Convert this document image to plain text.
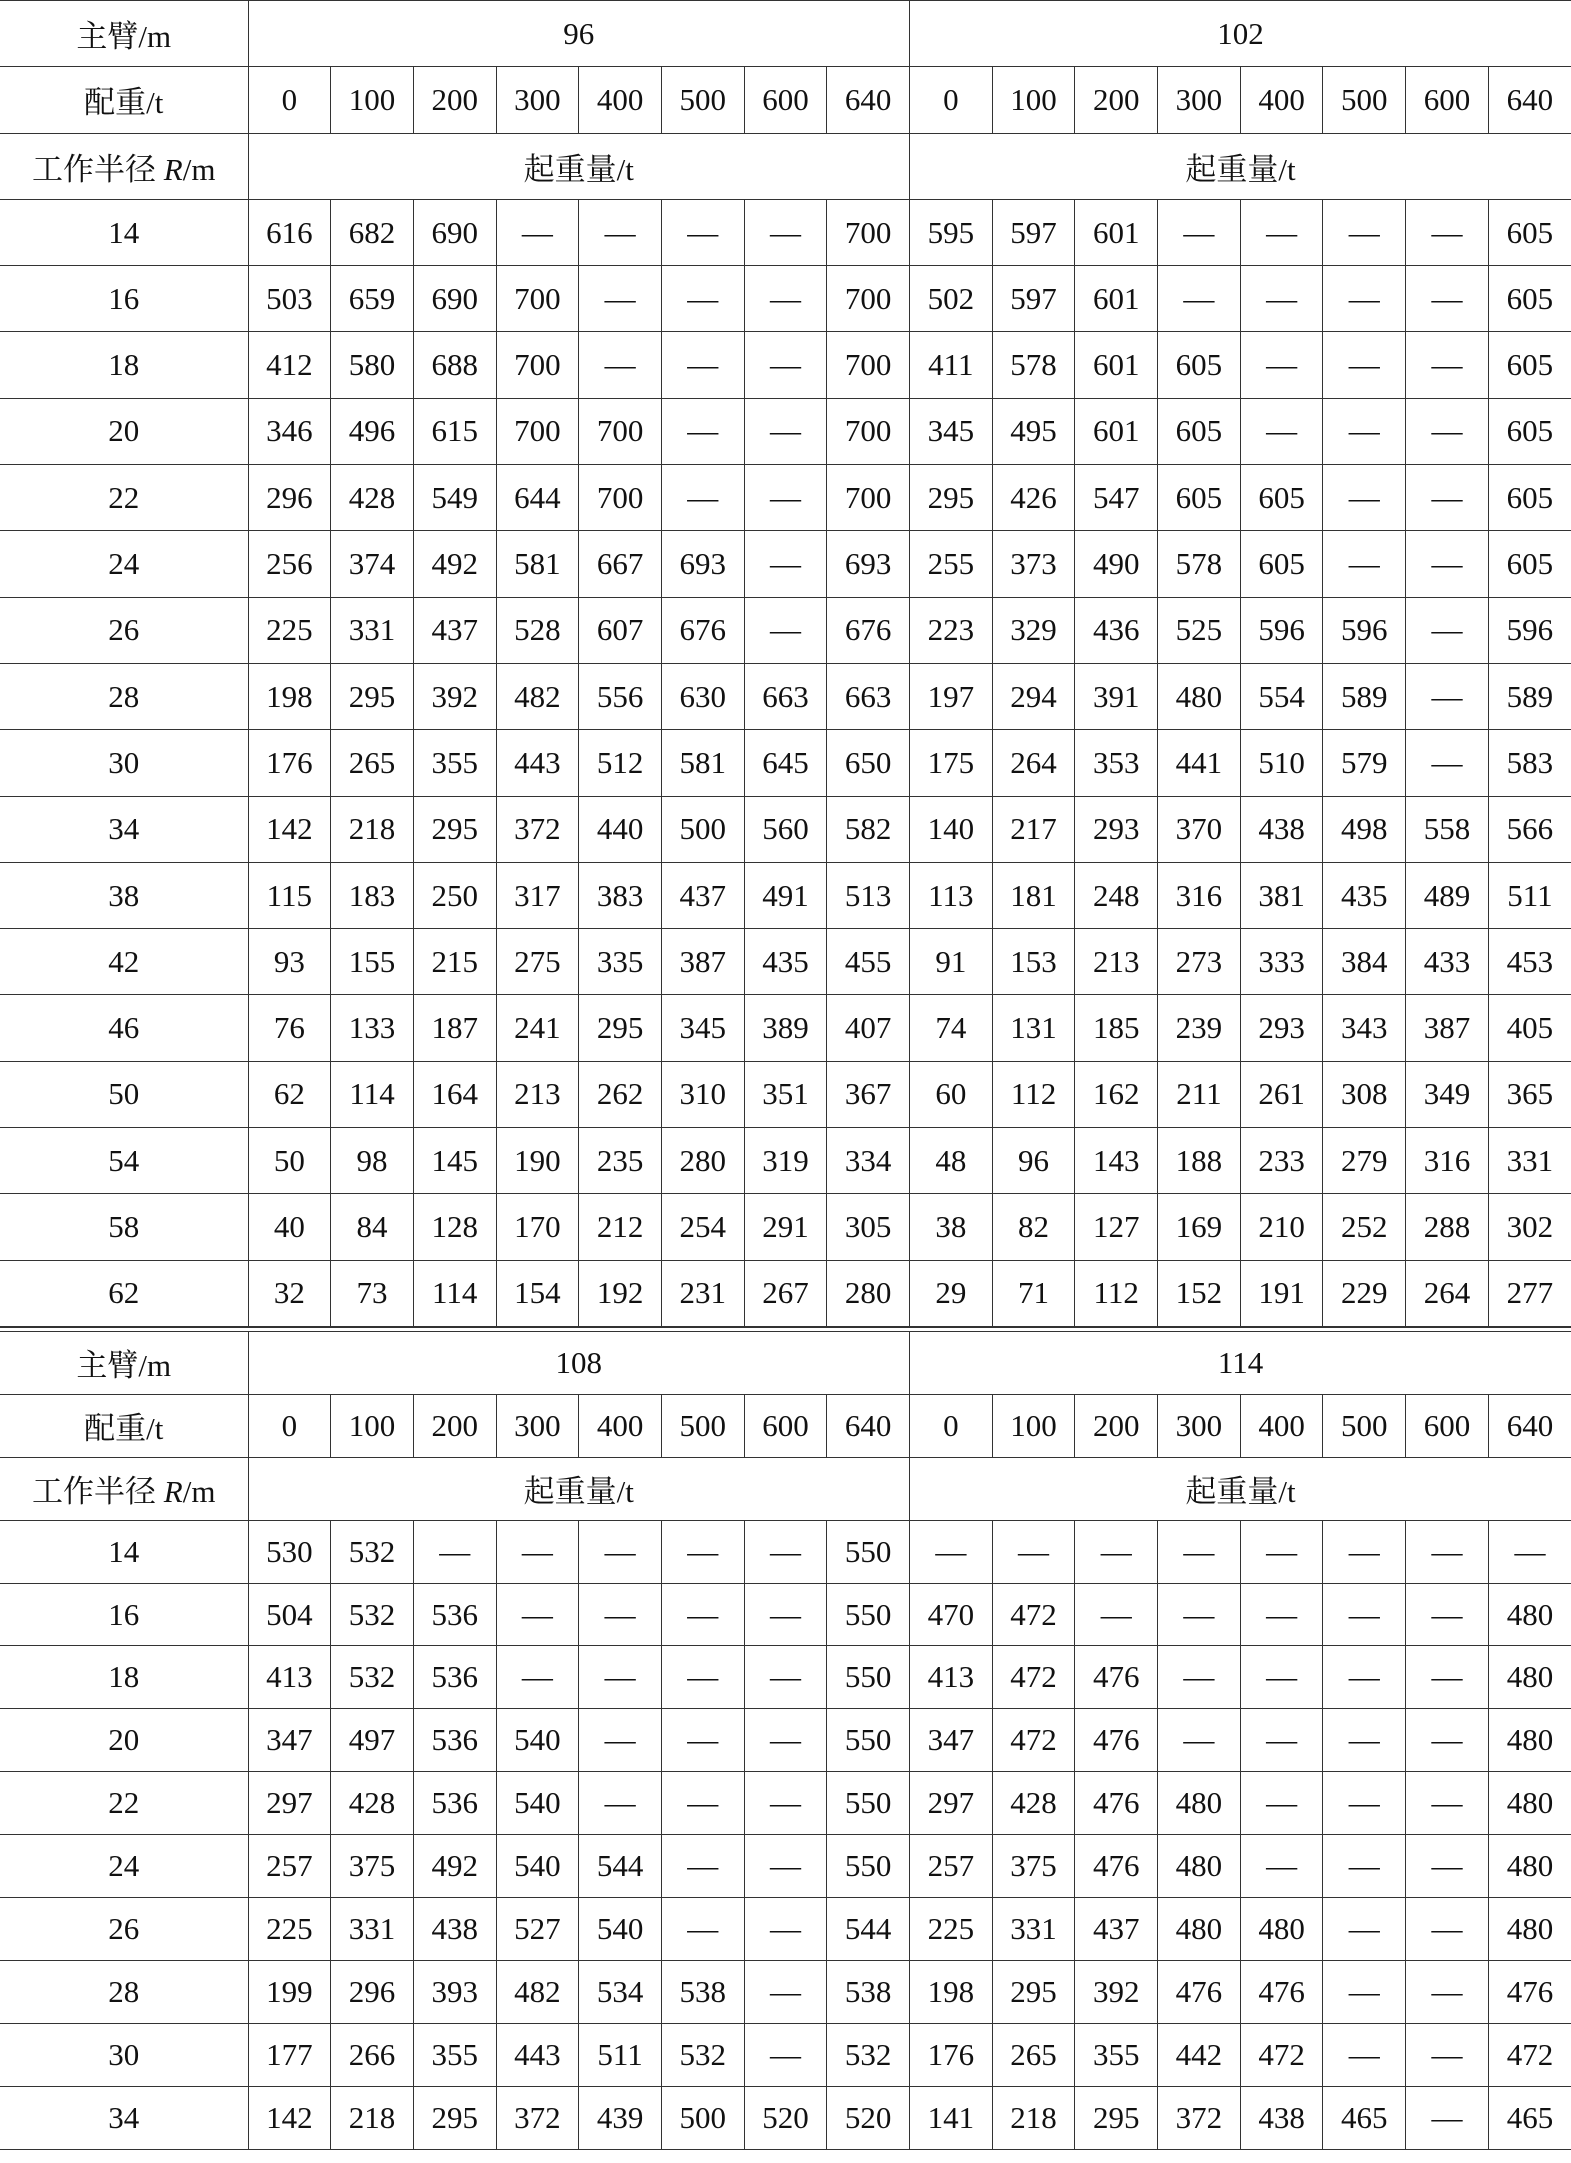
主臂/m	96								102							
配重/t	0	100	200	300	400	500	600	640	0	100	200	300	400	500	600	640
工作半径 R/m	起重量/t								起重量/t							
14	616	682	690	—	—	—	—	700	595	597	601	—	—	—	—	605
16	503	659	690	700	—	—	—	700	502	597	601	—	—	—	—	605
18	412	580	688	700	—	—	—	700	411	578	601	605	—	—	—	605
20	346	496	615	700	700	—	—	700	345	495	601	605	—	—	—	605
22	296	428	549	644	700	—	—	700	295	426	547	605	605	—	—	605
24	256	374	492	581	667	693	—	693	255	373	490	578	605	—	—	605
26	225	331	437	528	607	676	—	676	223	329	436	525	596	596	—	596
28	198	295	392	482	556	630	663	663	197	294	391	480	554	589	—	589
30	176	265	355	443	512	581	645	650	175	264	353	441	510	579	—	583
34	142	218	295	372	440	500	560	582	140	217	293	370	438	498	558	566
38	115	183	250	317	383	437	491	513	113	181	248	316	381	435	489	511
42	93	155	215	275	335	387	435	455	91	153	213	273	333	384	433	453
46	76	133	187	241	295	345	389	407	74	131	185	239	293	343	387	405
50	62	114	164	213	262	310	351	367	60	112	162	211	261	308	349	365
54	50	98	145	190	235	280	319	334	48	96	143	188	233	279	316	331
58	40	84	128	170	212	254	291	305	38	82	127	169	210	252	288	302
62	32	73	114	154	192	231	267	280	29	71	112	152	191	229	264	277
主臂/m	108								114							
配重/t	0	100	200	300	400	500	600	640	0	100	200	300	400	500	600	640
工作半径 R/m	起重量/t								起重量/t							
14	530	532	—	—	—	—	—	550	—	—	—	—	—	—	—	—
16	504	532	536	—	—	—	—	550	470	472	—	—	—	—	—	480
18	413	532	536	—	—	—	—	550	413	472	476	—	—	—	—	480
20	347	497	536	540	—	—	—	550	347	472	476	—	—	—	—	480
22	297	428	536	540	—	—	—	550	297	428	476	480	—	—	—	480
24	257	375	492	540	544	—	—	550	257	375	476	480	—	—	—	480
26	225	331	438	527	540	—	—	544	225	331	437	480	480	—	—	480
28	199	296	393	482	534	538	—	538	198	295	392	476	476	—	—	476
30	177	266	355	443	511	532	—	532	176	265	355	442	472	—	—	472
34	142	218	295	372	439	500	520	520	141	218	295	372	438	465	—	465
